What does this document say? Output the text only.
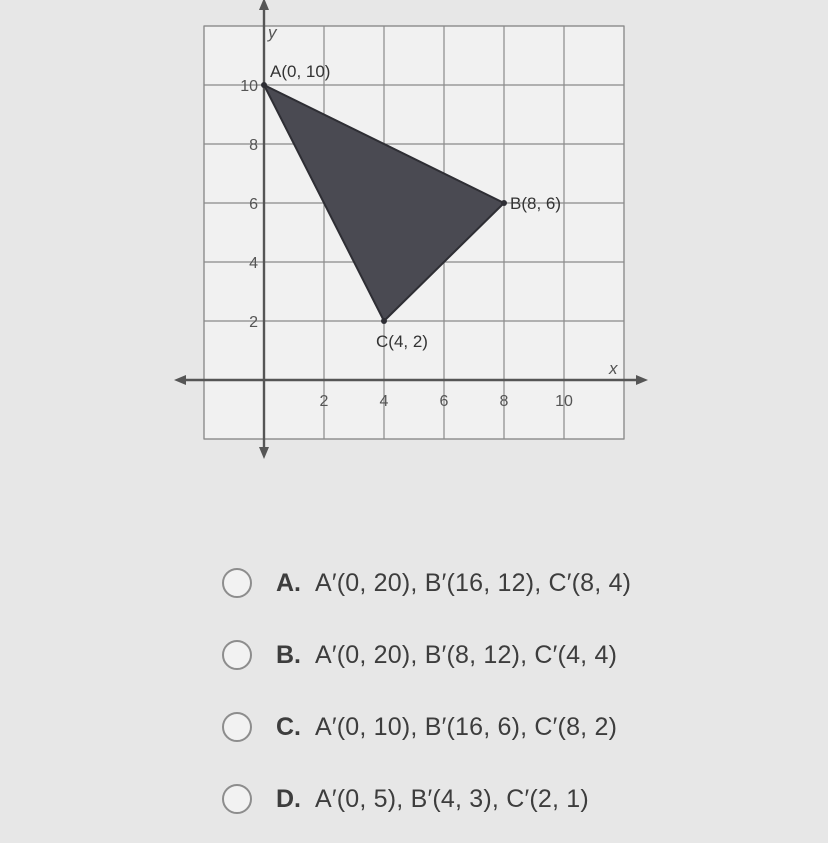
x
y
2	4	6	8	10
2
4
6
8
10
A(0, 10)
B(8, 6)
C(4, 2)
A. A′(0, 20), B′(16, 12), C′(8, 4)
B. A′(0, 20), B′(8, 12), C′(4, 4)
C. A′(0, 10), B′(16, 6), C′(8, 2)
D. A′(0, 5), B′(4, 3), C′(2, 1)
